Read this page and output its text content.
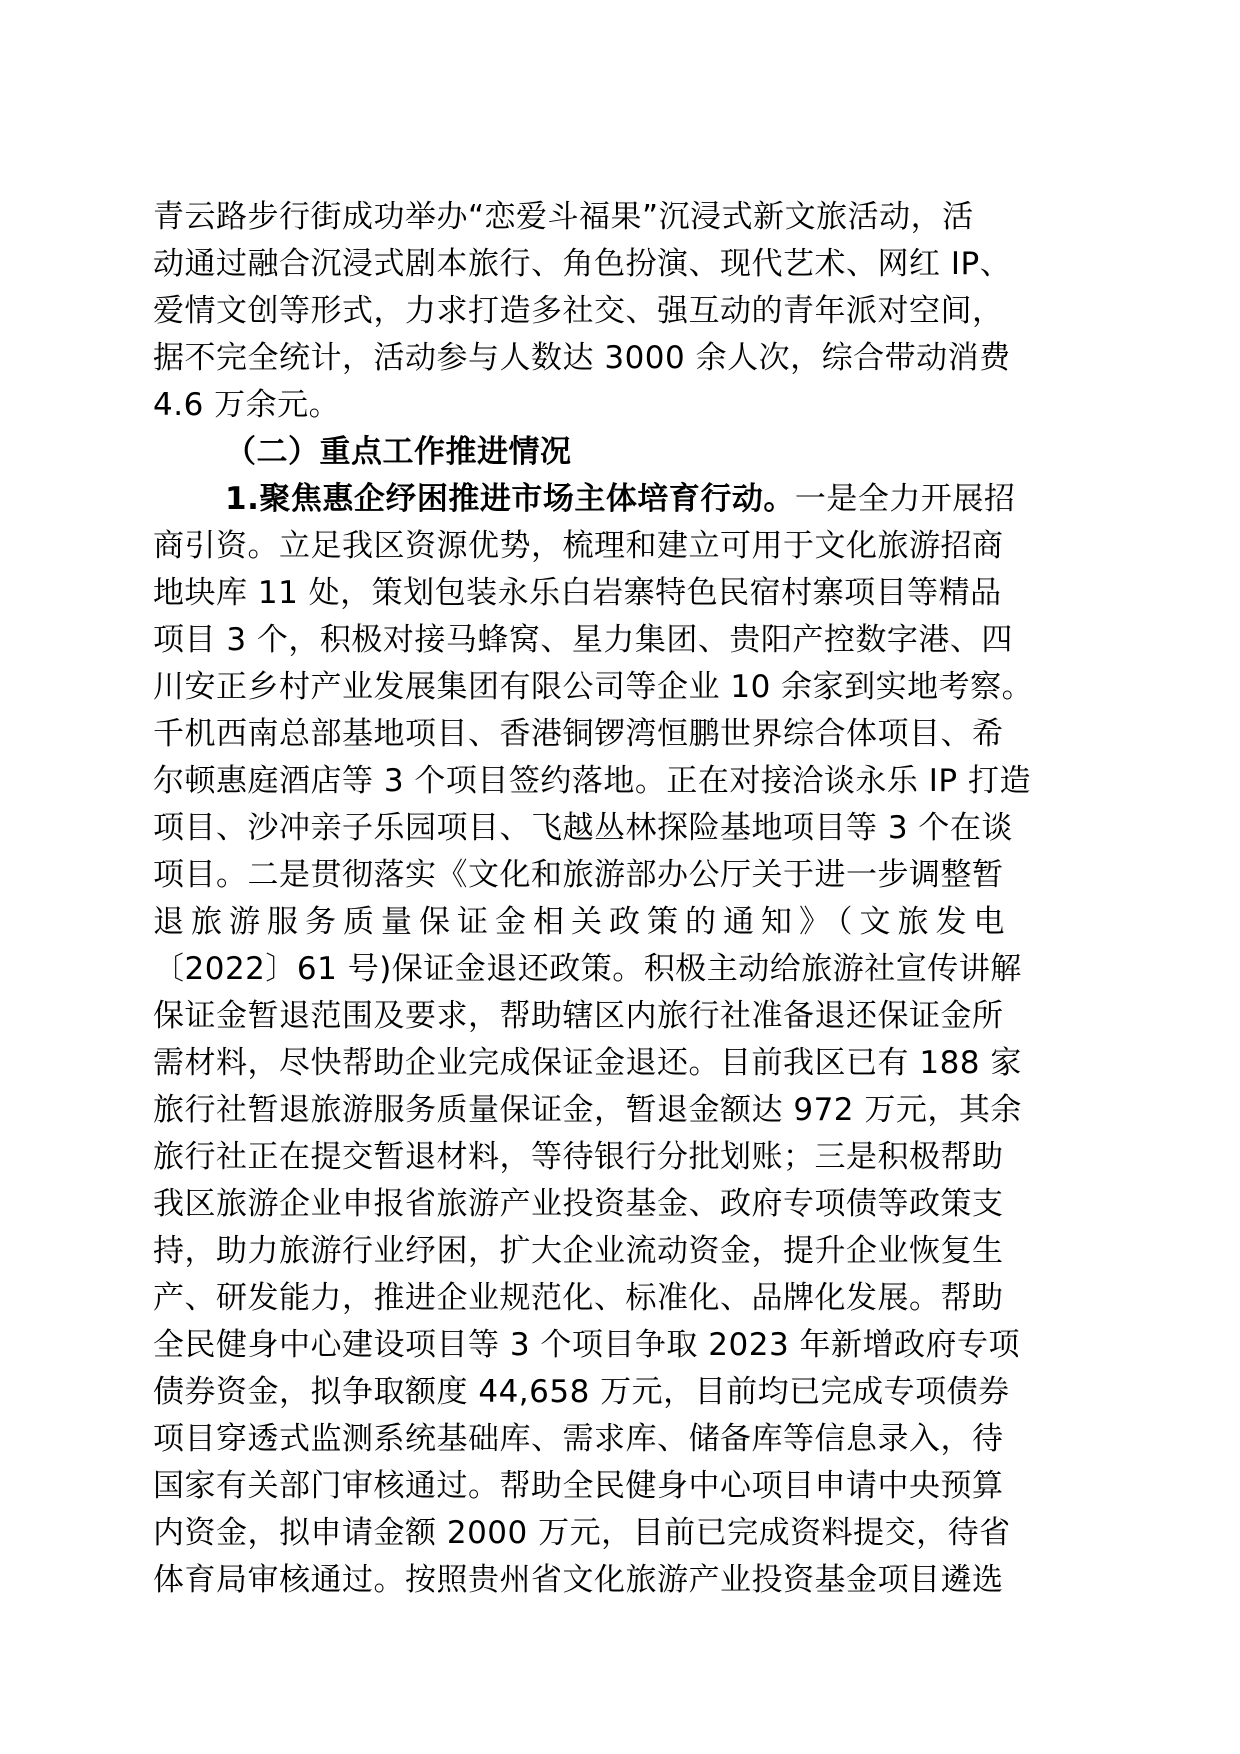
青云路步行街成功举办“恋爱斗福果”沉浸式新文旅活动，活
动通过融合沉浸式剧本旅行、角色扮演、现代艺术、网红 IP、
爱情文创等形式，力求打造多社交、强互动的青年派对空间，
据不完全统计，活动参与人数达 3000 余人次，综合带动消费
4.6 万余元。
（二）重点工作推进情况
1.聚焦惠企纾困推进市场主体培育行动。一是全力开展招
商引资。立足我区资源优势，梳理和建立可用于文化旅游招商
地块库 11 处，策划包装永乐白岩寨特色民宿村寨项目等精品
项目 3 个，积极对接马蜂窝、星力集团、贵阳产控数字港、四
川安正乡村产业发展集团有限公司等企业 10 余家到实地考察。
千机西南总部基地项目、香港铜锣湾恒鹏世界综合体项目、希
尔顿惠庭酒店等 3 个项目签约落地。正在对接洽谈永乐 IP 打造
项目、沙冲亲子乐园项目、飞越丛林探险基地项目等 3 个在谈
项目。二是贯彻落实《文化和旅游部办公厅关于进一步调整暂
退旅游服务质量保证金相关政策的通知》（文旅发电
〔2022〕61 号)保证金退还政策。积极主动给旅游社宣传讲解
保证金暂退范围及要求，帮助辖区内旅行社准备退还保证金所
需材料，尽快帮助企业完成保证金退还。目前我区已有 188 家
旅行社暂退旅游服务质量保证金，暂退金额达 972 万元，其余
旅行社正在提交暂退材料，等待银行分批划账；三是积极帮助
我区旅游企业申报省旅游产业投资基金、政府专项债等政策支
持，助力旅游行业纾困，扩大企业流动资金，提升企业恢复生
产、研发能力，推进企业规范化、标准化、品牌化发展。帮助
全民健身中心建设项目等 3 个项目争取 2023 年新增政府专项
债券资金，拟争取额度 44,658 万元，目前均已完成专项债券
项目穿透式监测系统基础库、需求库、储备库等信息录入，待
国家有关部门审核通过。帮助全民健身中心项目申请中央预算
内资金，拟申请金额 2000 万元，目前已完成资料提交，待省
体育局审核通过。按照贵州省文化旅游产业投资基金项目遴选
